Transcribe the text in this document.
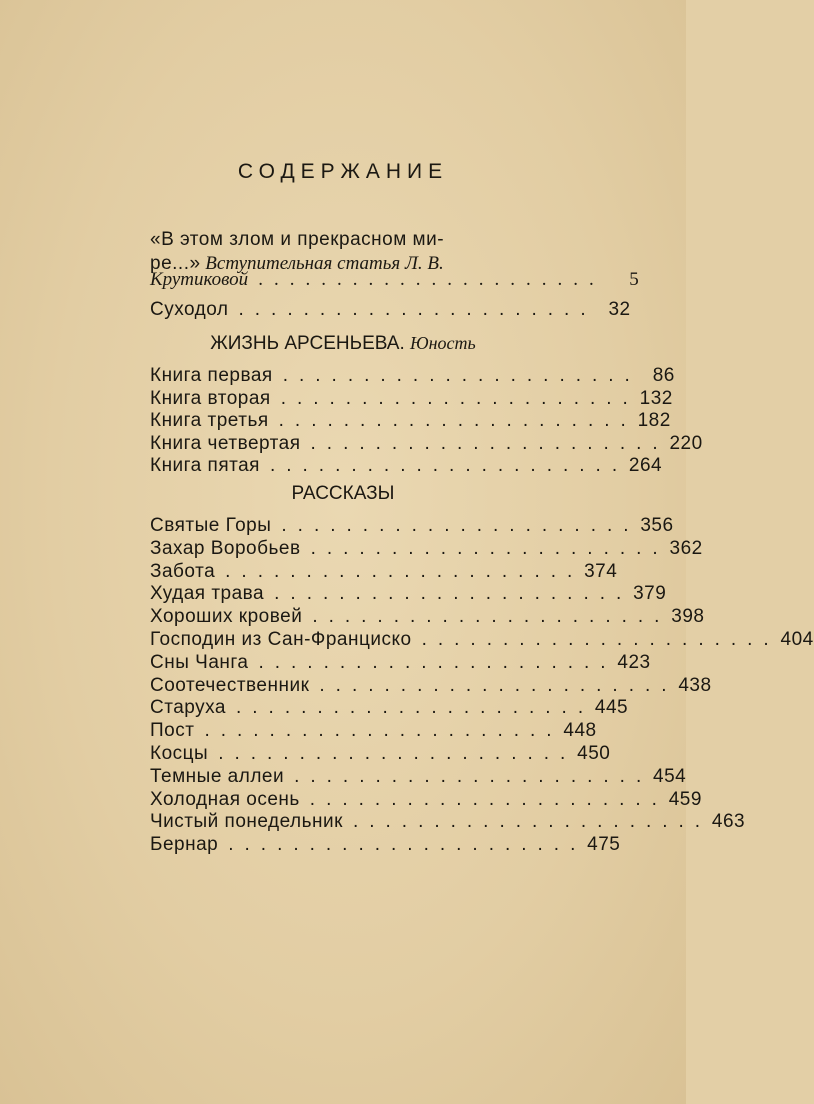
СОДЕРЖАНИЕ
«В этом злом и прекрасном ми-
ре...» Вступительная статья Л. В.
Крутиковой ......................	5
Суходол ...................... 32
ЖИЗНЬ АРСЕНЬЕВА. Юность
Книга первая ...................... 86
Книга вторая ...................... 132
Книга третья ...................... 182
Книга четвертая ...................... 220
Книга пятая ...................... 264
РАССКАЗЫ
Святые Горы ...................... 356
Захар Воробьев ...................... 362
Забота ...................... 374
Худая трава ...................... 379
Хороших кровей ...................... 398
Господин из Сан-Франциско ...................... 404
Сны Чанга ...................... 423
Соотечественник ...................... 438
Старуха ...................... 445
Пост ...................... 448
Косцы ...................... 450
Темные аллеи ...................... 454
Холодная осень ...................... 459
Чистый понедельник ...................... 463
Бернар ...................... 475
